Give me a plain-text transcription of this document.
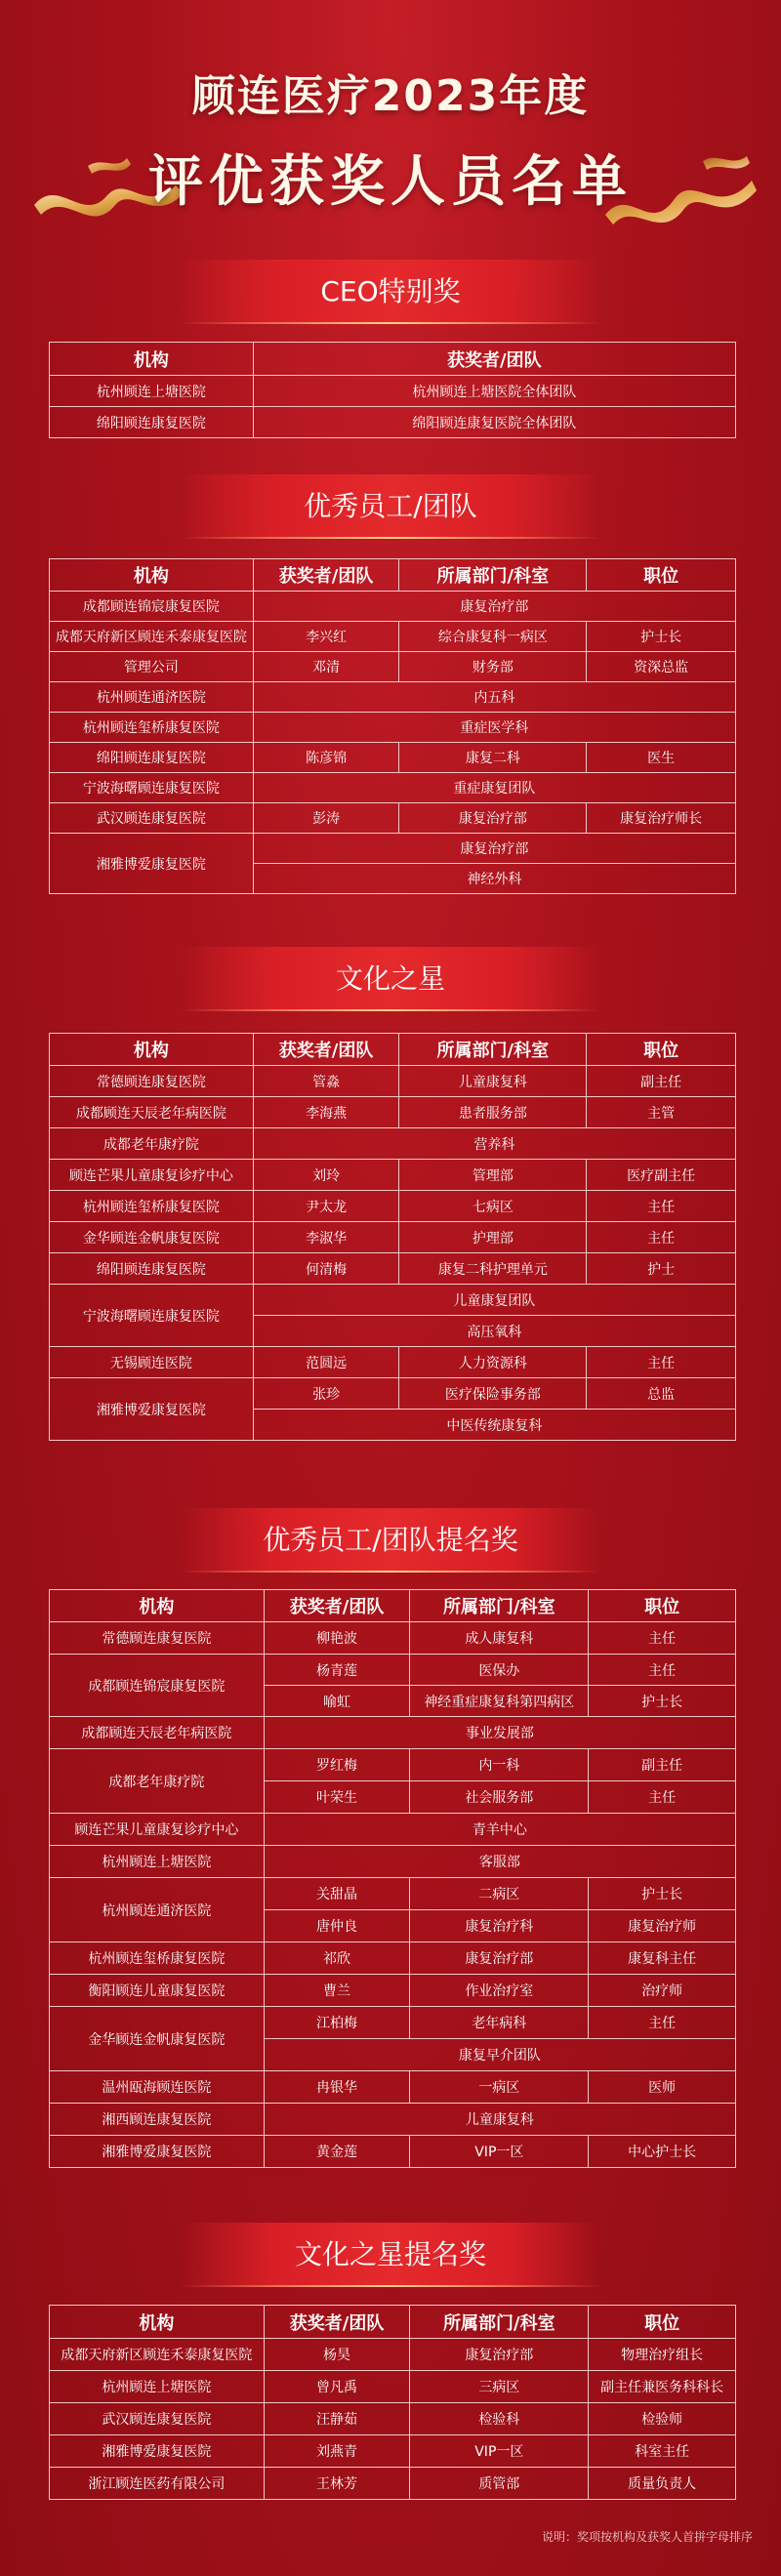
顾连医疗2023年度
评优获奖人员名单
CEO特别奖
机构	获奖者/团队
杭州顾连上塘医院	杭州顾连上塘医院全体团队
绵阳顾连康复医院	绵阳顾连康复医院全体团队
优秀员工/团队
机构	获奖者/团队	所属部门/科室	职位
成都顾连锦宸康复医院	康复治疗部		
成都天府新区顾连禾泰康复医院	李兴红	综合康复科一病区	护士长
管理公司	邓清	财务部	资深总监
杭州顾连通济医院	内五科		
杭州顾连玺桥康复医院	重症医学科		
绵阳顾连康复医院	陈彦锦	康复二科	医生
宁波海曙顾连康复医院	重症康复团队		
武汉顾连康复医院	彭涛	康复治疗部	康复治疗师长
湘雅博爱康复医院	康复治疗部		
	神经外科		
文化之星
机构	获奖者/团队	所属部门/科室	职位
常德顾连康复医院	管淼	儿童康复科	副主任
成都顾连天辰老年病医院	李海燕	患者服务部	主管
成都老年康疗院	营养科		
顾连芒果儿童康复诊疗中心	刘玲	管理部	医疗副主任
杭州顾连玺桥康复医院	尹太龙	七病区	主任
金华顾连金帆康复医院	李淑华	护理部	主任
绵阳顾连康复医院	何清梅	康复二科护理单元	护士
宁波海曙顾连康复医院	儿童康复团队		
	高压氧科		
无锡顾连医院	范圆远	人力资源科	主任
湘雅博爱康复医院	张珍	医疗保险事务部	总监
	中医传统康复科		
优秀员工/团队提名奖
机构	获奖者/团队	所属部门/科室	职位
常德顾连康复医院	柳艳波	成人康复科	主任
成都顾连锦宸康复医院	杨青莲	医保办	主任
	喻虹	神经重症康复科第四病区	护士长
成都顾连天辰老年病医院	事业发展部		
成都老年康疗院	罗红梅	内一科	副主任
	叶荣生	社会服务部	主任
顾连芒果儿童康复诊疗中心	青羊中心		
杭州顾连上塘医院	客服部		
杭州顾连通济医院	关甜晶	二病区	护士长
	唐仲良	康复治疗科	康复治疗师
杭州顾连玺桥康复医院	祁欣	康复治疗部	康复科主任
衡阳顾连儿童康复医院	曹兰	作业治疗室	治疗师
金华顾连金帆康复医院	江柏梅	老年病科	主任
	康复早介团队		
温州瓯海顾连医院	冉银华	一病区	医师
湘西顾连康复医院	儿童康复科		
湘雅博爱康复医院	黄金莲	VIP一区	中心护士长
文化之星提名奖
机构	获奖者/团队	所属部门/科室	职位
成都天府新区顾连禾泰康复医院	杨昊	康复治疗部	物理治疗组长
杭州顾连上塘医院	曾凡禹	三病区	副主任兼医务科科长
武汉顾连康复医院	汪静茹	检验科	检验师
湘雅博爱康复医院	刘燕青	VIP一区	科室主任
浙江顾连医药有限公司	王林芳	质管部	质量负责人
说明：奖项按机构及获奖人首拼字母排序
